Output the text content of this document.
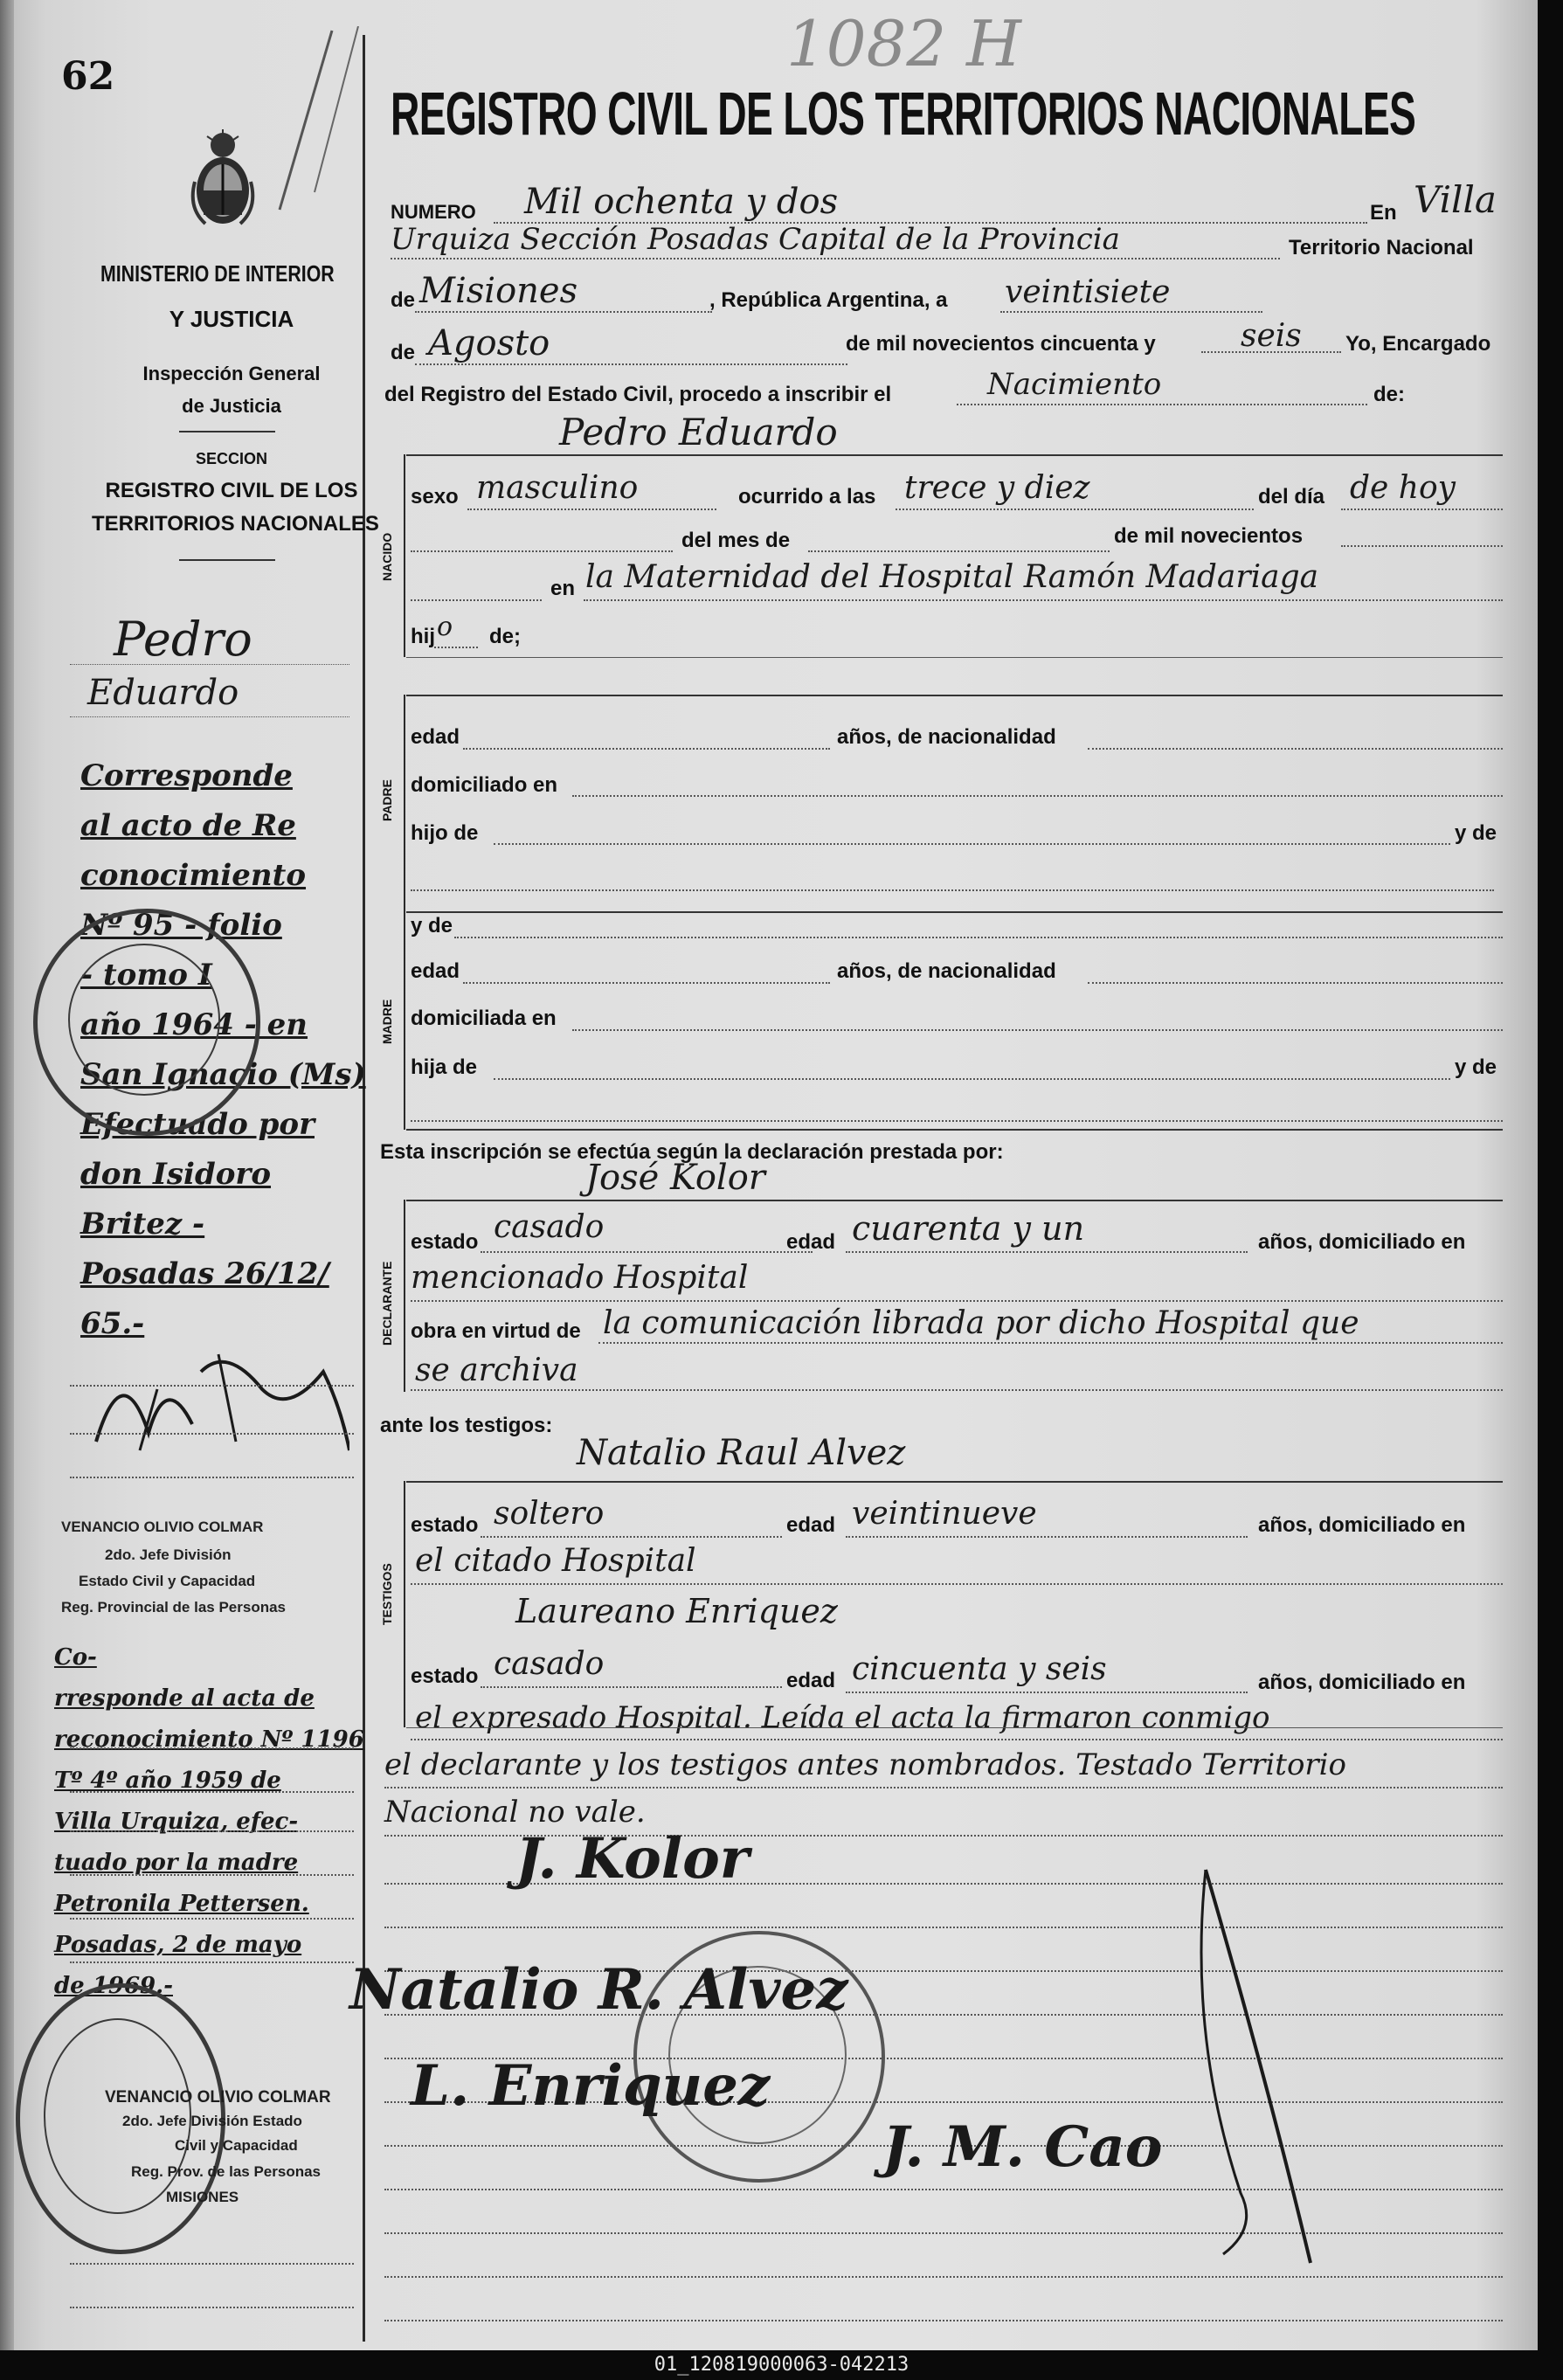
62	1082 H
MINISTERIO DE INTERIOR
Y JUSTICIA
Inspección General
de Justicia
SECCION
REGISTRO CIVIL DE LOS
TERRITORIOS NACIONALES
Pedro
Eduardo
Corresponde
al acto de Re
conocimiento
Nº 95 - folio
- tomo I
año 1964 - en
San Ignacio (Ms)
Efectuado por
don Isidoro
Britez -
Posadas 26/12/
65.-
VENANCIO OLIVIO COLMAR
2do. Jefe División
Estado Civil y Capacidad
Reg. Provincial de las Personas
Co-
rresponde al acta de
reconocimiento Nº 1196
Tº 4º año 1959 de
Villa Urquiza, efec-
tuado por la madre
Petronila Pettersen.
Posadas, 2 de mayo
de 1969.-
VENANCIO OLIVIO COLMAR
2do. Jefe División Estado
Civil y Capacidad
Reg. Prov. de las Personas
MISIONES
REGISTRO CIVIL DE LOS TERRITORIOS NACIONALES
NUMERO Mil ochenta y dos	En Villa
Urquiza Sección Posadas Capital de la Provincia	Territorio Nacional
de Misiones	, República Argentina, a veintisiete
de Agosto	de mil novecientos cincuenta y	seis Yo, Encargado
del Registro del Estado Civil, procedo a inscribir el	Nacimiento	de:
Pedro Eduardo
NACIDO
sexo masculino	ocurrido a las trece y diez	del día de hoy
del mes de	de mil novecientos
en la Maternidad del Hospital Ramón Madariaga
hij o de;
PADRE
edad	años, de nacionalidad
domiciliado en
hijo de	y de
MADRE
y de
edad	años, de nacionalidad
domiciliada en
hija de	y de
Esta inscripción se efectúa según la declaración prestada por:
José Kolor
DECLARANTE
estado casado	edad cuarenta y un	años, domiciliado en
mencionado Hospital
obra en virtud de la comunicación librada por dicho Hospital que
se archiva
ante los testigos:
Natalio Raul Alvez
TESTIGOS
estado soltero	edad veintinueve	años, domiciliado en
el citado Hospital
Laureano Enriquez
estado casado	edad cincuenta y seis	años, domiciliado en
el expresado Hospital. Leída el acta la firmaron conmigo
el declarante y los testigos antes nombrados. Testado Territorio
Nacional no vale.
J. Kolor
Natalio R. Alvez
L. Enriquez
J. M. Cao
01_120819000063-042213
